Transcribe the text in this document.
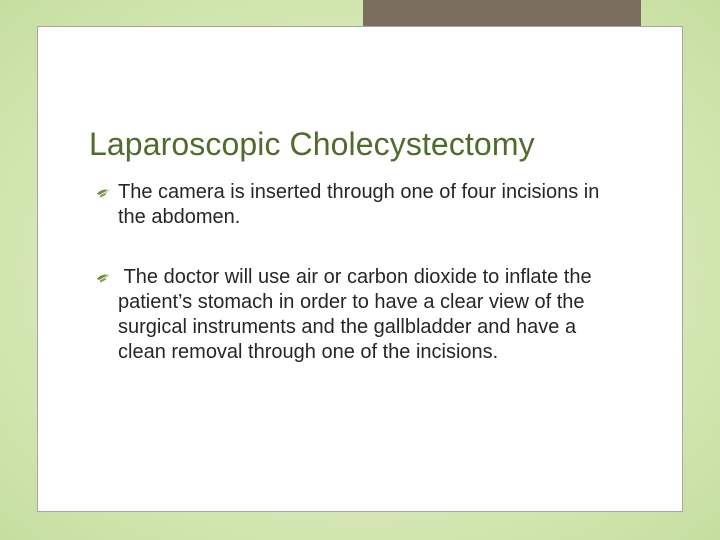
Laparoscopic Cholecystectomy
The camera is inserted through one of four incisions in the abdomen.
The doctor will use air or carbon dioxide to inflate the patient’s stomach in order to have a clear view of the surgical instruments and the gallbladder and have a clean removal through one of the incisions.
